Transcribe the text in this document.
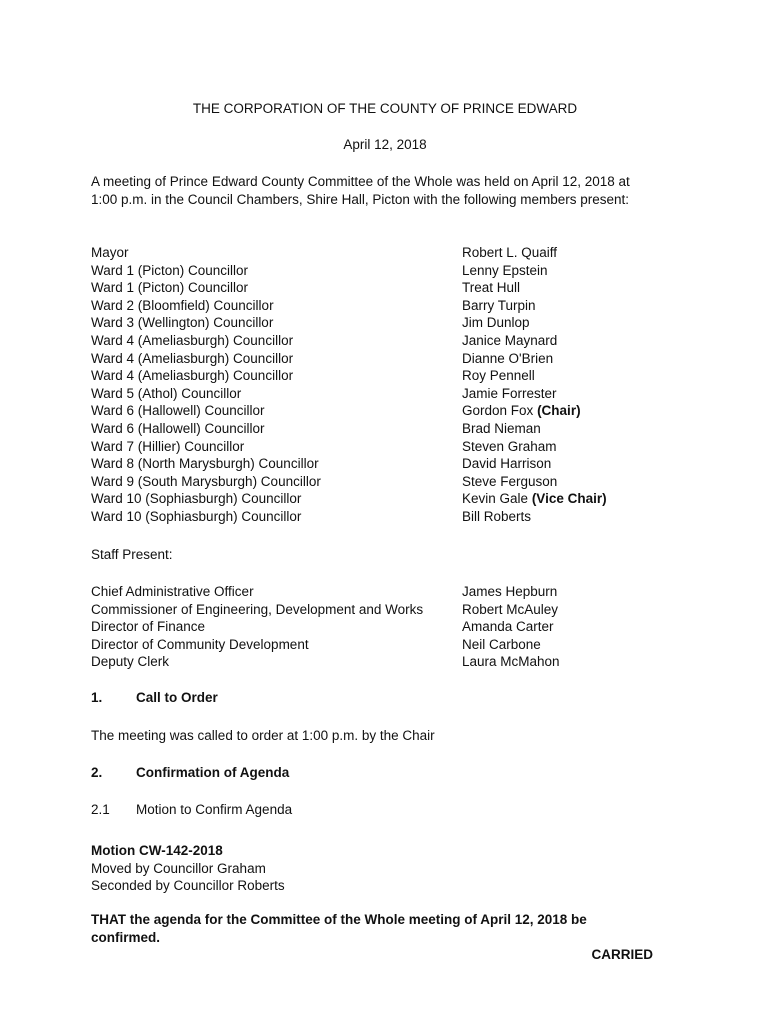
THE CORPORATION OF THE COUNTY OF PRINCE EDWARD
April 12, 2018
A meeting of Prince Edward County Committee of the Whole was held on April 12, 2018 at 1:00 p.m. in the Council Chambers, Shire Hall, Picton with the following members present:
Mayor	Robert L. Quaiff
Ward 1 (Picton) Councillor	Lenny Epstein
Ward 1 (Picton) Councillor	Treat Hull
Ward 2 (Bloomfield) Councillor	Barry Turpin
Ward 3 (Wellington) Councillor	Jim Dunlop
Ward 4 (Ameliasburgh) Councillor	Janice Maynard
Ward 4 (Ameliasburgh) Councillor	Dianne O'Brien
Ward 4 (Ameliasburgh) Councillor	Roy Pennell
Ward 5 (Athol) Councillor	Jamie Forrester
Ward 6 (Hallowell) Councillor	Gordon Fox (Chair)
Ward 6 (Hallowell) Councillor	Brad Nieman
Ward 7 (Hillier) Councillor	Steven Graham
Ward 8 (North Marysburgh) Councillor	David Harrison
Ward 9 (South Marysburgh) Councillor	Steve Ferguson
Ward 10 (Sophiasburgh) Councillor	Kevin Gale (Vice Chair)
Ward 10 (Sophiasburgh) Councillor	Bill Roberts
Staff Present:
Chief Administrative Officer	James Hepburn
Commissioner of Engineering, Development and Works	Robert McAuley
Director of Finance	Amanda Carter
Director of Community Development	Neil Carbone
Deputy Clerk	Laura McMahon
1. Call to Order
The meeting was called to order at 1:00 p.m. by the Chair
2. Confirmation of Agenda
2.1 Motion to Confirm Agenda
Motion CW-142-2018
Moved by Councillor Graham
Seconded by Councillor Roberts
THAT the agenda for the Committee of the Whole meeting of April 12, 2018 be confirmed.
CARRIED
